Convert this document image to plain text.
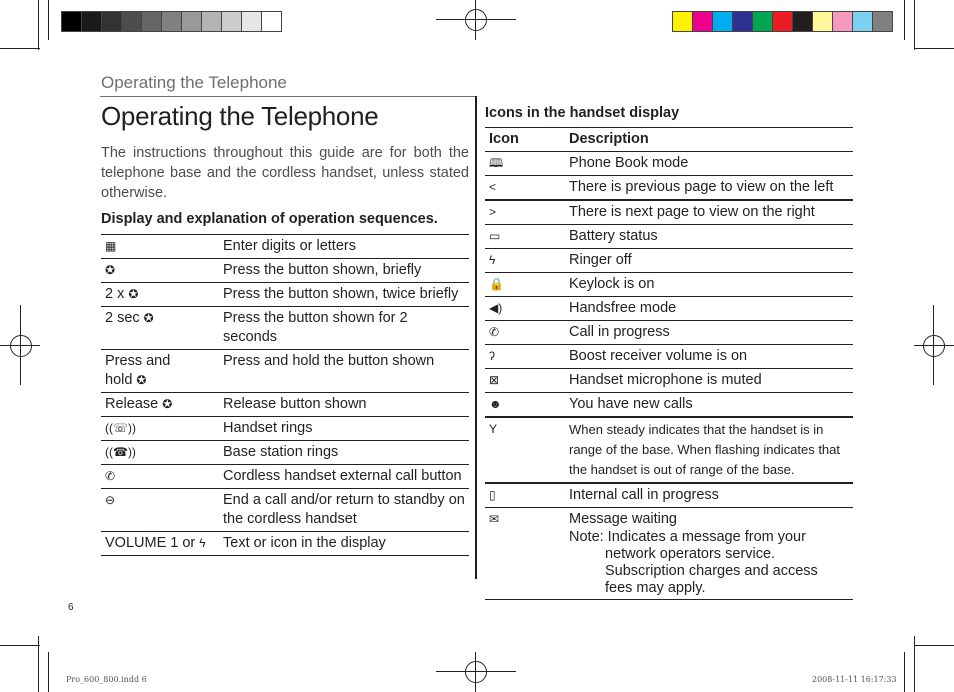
Operating the Telephone
Operating the Telephone
The instructions throughout this guide are for both the telephone base and the cordless handset, unless stated otherwise.
Display and explanation of operation sequences.
▦	Enter digits or letters
✪	Press the button shown, briefly
2 x ✪	Press the button shown, twice briefly
2 sec ✪	Press the button shown for 2 seconds
Press and hold ✪	Press and hold the button shown
Release ✪	Release button shown
((☏))	Handset rings
((☎))	Base station rings
✆	Cordless handset external call button
⊖	End a call and/or return to standby on the cordless handset
VOLUME 1 or ϟ	Text or icon in the display
Icons in the handset display
Icon	Description
🕮	Phone Book mode

<	There is previous page to view on the left

>	There is next page to view on the right

▭	Battery status

ϟ	Ringer off

🔒	Keylock is on

◀)	Handsfree mode

✆	Call in progress

ʔ	Boost receiver volume is on

⊠	Handset microphone is muted

☻	You have new calls

Y	When steady indicates that the handset is in range of the base. When flashing indicates that the handset is out of range of the base.

▯	Internal call in progress

✉	Message waiting
Note: Indicates a message from your network operators service. Subscription charges and access fees may apply.
6
Pro_600_800.indd 6	2008-11-11 16:17:33
